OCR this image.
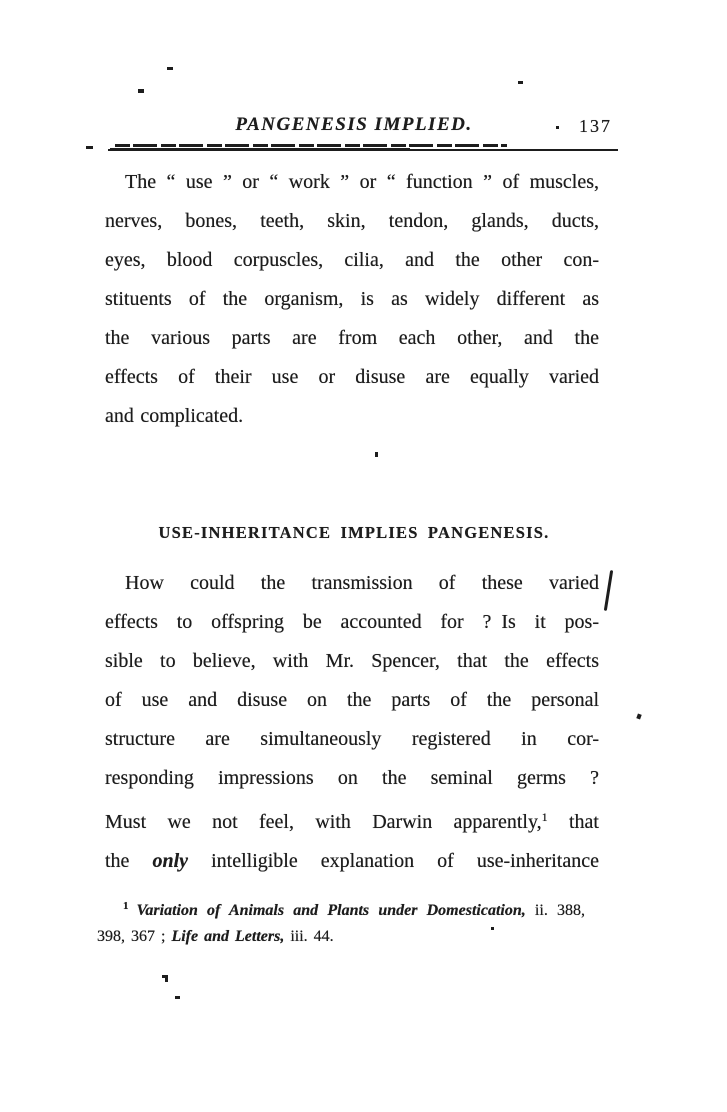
PANGENESIS IMPLIED.	137
The “ use ” or “ work ” or “ function ” of muscles,
nerves, bones, teeth, skin, tendon, glands, ducts,
eyes, blood corpuscles, cilia, and the other con-
stituents of the organism, is as widely different as
the various parts are from each other, and the
effects of their use or disuse are equally varied
and complicated.
USE-INHERITANCE IMPLIES PANGENESIS.
How could the transmission of these varied
effects to offspring be accounted for ? Is it pos-
sible to believe, with Mr. Spencer, that the effects
of use and disuse on the parts of the personal
structure are simultaneously registered in cor-
responding impressions on the seminal germs ?
Must we not feel, with Darwin apparently,$^1$ that
the only intelligible explanation of use-inheritance
$^1$ Variation of Animals and Plants under Domestication, ii. 388,
398, 367 ; Life and Letters, iii. 44.
